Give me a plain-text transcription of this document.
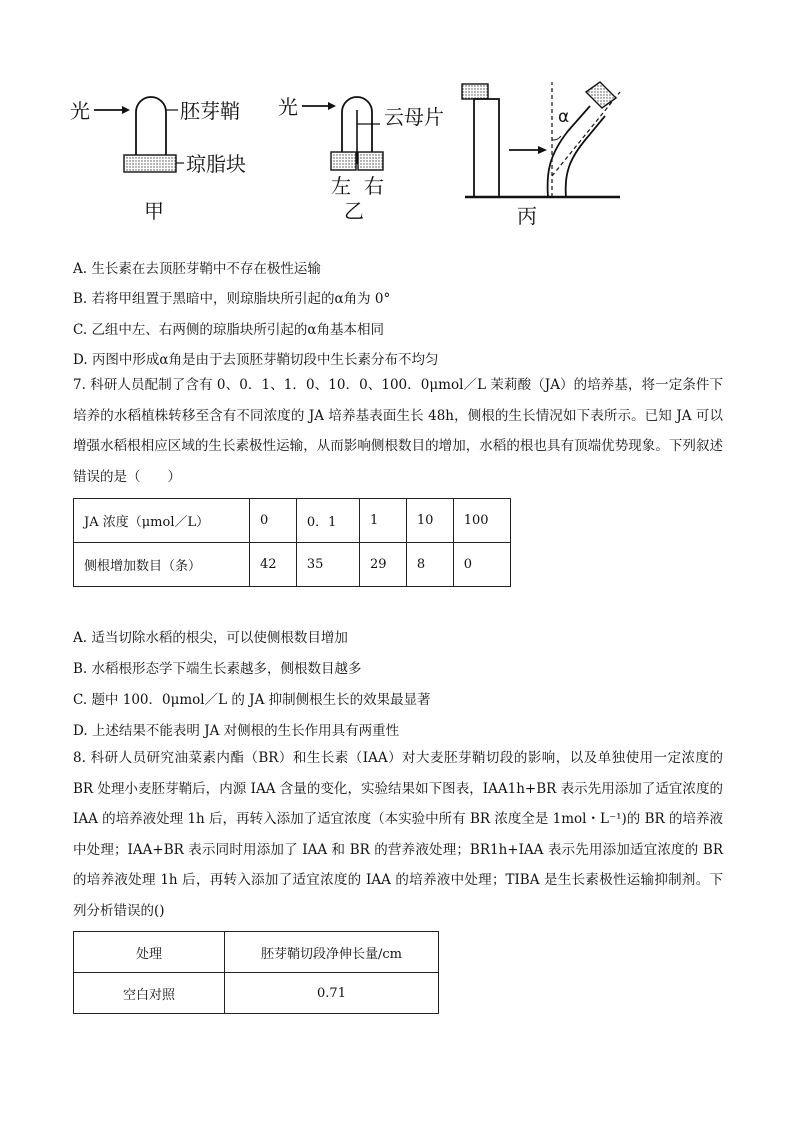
光	胚芽鞘
琼脂块
甲
光	云母片
左 右
乙
α
丙
A. 生长素在去顶胚芽鞘中不存在极性运输
B. 若将甲组置于黑暗中，则琼脂块所引起的α角为 0°
C. 乙组中左、右两侧的琼脂块所引起的α角基本相同
D. 丙图中形成α角是由于去顶胚芽鞘切段中生长素分布不均匀
7. 科研人员配制了含有 0、0．1、1．0、10．0、100．0μmol／L 茉莉酸（JA）的培养基，将一定条件下培养的水稻植株转移至含有不同浓度的 JA 培养基表面生长 48h，侧根的生长情况如下表所示。已知 JA 可以增强水稻根相应区域的生长素极性运输，从而影响侧根数目的增加，水稻的根也具有顶端优势现象。下列叙述错误的是（　　）
JA 浓度（μmol／L）	0	0．1	1	10	100
侧根增加数目（条）	42	35	29	8	0
A. 适当切除水稻的根尖，可以使侧根数目增加
B. 水稻根形态学下端生长素越多，侧根数目越多
C. 题中 100．0μmol／L 的 JA 抑制侧根生长的效果最显著
D. 上述结果不能表明 JA 对侧根的生长作用具有两重性
8. 科研人员研究油菜素内酯（BR）和生长素（IAA）对大麦胚芽鞘切段的影响，以及单独使用一定浓度的 BR 处理小麦胚芽鞘后，内源 IAA 含量的变化，实验结果如下图表，IAA1h+BR 表示先用添加了适宜浓度的 IAA 的培养液处理 1h 后，再转入添加了适宜浓度（本实验中所有 BR 浓度全是 1mol・L⁻¹)的 BR 的培养液中处理；IAA+BR 表示同时用添加了 IAA 和 BR 的营养液处理；BR1h+IAA 表示先用添加适宜浓度的 BR 的培养液处理 1h 后，再转入添加了适宜浓度的 IAA 的培养液中处理；TIBA 是生长素极性运输抑制剂。下列分析错误的()
处理	胚芽鞘切段净伸长量/cm
空白对照	0.71
